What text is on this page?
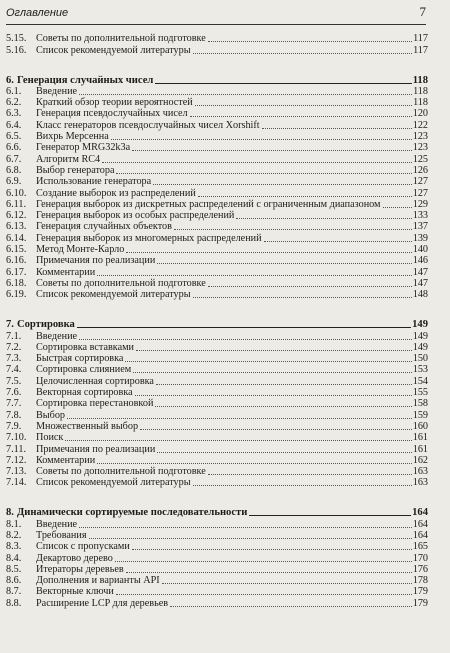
Оглавление	7
5.15. Советы по дополнительной подготовке	117
5.16. Список рекомендуемой литературы	117
6. Генерация случайных чисел	118
6.1.	Введение	118
6.2.	Краткий обзор теории вероятностей	118
6.3.	Генерация псевдослучайных чисел	120
6.4.	Класс генераторов псевдослучайных чисел Xorshift	122
6.5.	Вихрь Мерсенна	123
6.6.	Генератор MRG32k3a	123
6.7.	Алгоритм RC4	125
6.8.	Выбор генератора	126
6.9.	Использование генератора	127
6.10. Создание выборок из распределений	127
6.11. Генерация выборок из дискретных распределений с ограниченным диапазоном	129
6.12. Генерация выборок из особых распределений	133
6.13. Генерация случайных объектов	137
6.14. Генерация выборок из многомерных распределений	139
6.15. Метод Монте-Карло	140
6.16. Примечания по реализации	146
6.17. Комментарии	147
6.18. Советы по дополнительной подготовке	147
6.19. Список рекомендуемой литературы	148
7. Сортировка	149
7.1.	Введение	149
7.2.	Сортировка вставками	149
7.3.	Быстрая сортировка	150
7.4.	Сортировка слиянием	153
7.5.	Целочисленная сортировка	154
7.6.	Векторная сортировка	155
7.7.	Сортировка перестановкой	158
7.8.	Выбор	159
7.9.	Множественный выбор	160
7.10. Поиск	161
7.11. Примечания по реализации	161
7.12. Комментарии	162
7.13. Советы по дополнительной подготовке	163
7.14. Список рекомендуемой литературы	163
8. Динамически сортируемые последовательности	164
8.1.	Введение	164
8.2.	Требования	164
8.3.	Список с пропусками	165
8.4.	Декартово дерево	170
8.5.	Итераторы деревьев	176
8.6.	Дополнения и варианты API	178
8.7.	Векторные ключи	179
8.8.	Расширение LCP для деревьев	179
